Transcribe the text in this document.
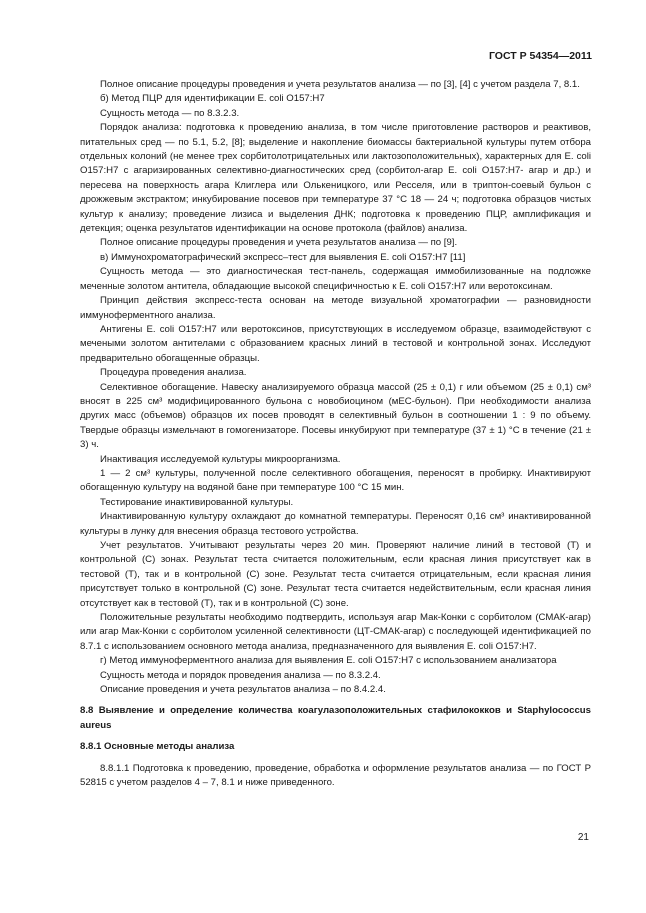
ГОСТ Р 54354—2011

Полное описание процедуры проведения и учета результатов анализа — по [3], [4] с учетом раздела 7, 8.1.

б) Метод ПЦР для идентификации E. coli O157:H7

Сущность метода — по 8.3.2.3.

Порядок анализа: подготовка к проведению анализа, в том числе приготовление растворов и реактивов, питательных сред — по 5.1, 5.2, [8]; выделение и накопление биомассы бактериальной культуры путем отбора отдельных колоний (не менее трех сорбитолотрицательных или лактозоположительных), характерных для E. coli O157:H7 с агаризированных селективно-диагностических сред (сорбитол-агар E. coli O157:H7- агар и др.) и пересева на поверхность агара Клиглера или Олькеницкого, или Ресселя, или в триптон-соевый бульон с дрожжевым экстрактом; инкубирование посевов при температуре 37 °С 18 — 24 ч; подготовка образцов чистых культур к анализу; проведение лизиса и выделения ДНК; подготовка к проведению ПЦР, амплификация и детекция; оценка результатов идентификации на основе протокола (файлов) анализа.

Полное описание процедуры проведения и учета результатов анализа — по [9].

в) Иммунохроматографический экспресс–тест для выявления E. coli O157:H7 [11]

Сущность метода — это диагностическая тест-панель, содержащая иммобилизованные на подложке меченные золотом антитела, обладающие высокой специфичностью к E. coli O157:H7 или веротоксинам.

Принцип действия экспресс-теста основан на методе визуальной хроматографии — разновидности иммуноферментного анализа.

Антигены E. coli O157:H7 или веротоксинов, присутствующих в исследуемом образце, взаимодействуют с мечеными золотом антителами с образованием красных линий в тестовой и контрольной зонах. Исследуют предварительно обогащенные образцы.

Процедура проведения анализа.

Селективное обогащение. Навеску анализируемого образца массой (25 ± 0,1) г или объемом (25 ± 0,1) см³ вносят в 225 см³ модифицированного бульона с новобиоцином (мЕС-бульон). При необходимости анализа других масс (объемов) образцов их посев проводят в селективный бульон в соотношении 1 : 9 по объему. Твердые образцы измельчают в гомогенизаторе. Посевы инкубируют при температуре (37 ± 1) °С в течение (21 ± 3) ч.

Инактивация исследуемой культуры микроорганизма.

1 — 2 см³ культуры, полученной после селективного обогащения, переносят в пробирку. Инактивируют обогащенную культуру на водяной бане при температуре 100 °С 15 мин.

Тестирование инактивированной культуры.

Инактивированную культуру охлаждают до комнатной температуры. Переносят 0,16 см³ инактивированной культуры в лунку для внесения образца тестового устройства.

Учет результатов. Учитывают результаты через 20 мин. Проверяют наличие линий в тестовой (Т) и контрольной (С) зонах. Результат теста считается положительным, если красная линия присутствует как в тестовой (Т), так и в контрольной (С) зоне. Результат теста считается отрицательным, если красная линия присутствует только в контрольной (С) зоне. Результат теста считается недействительным, если красная линия отсутствует как в тестовой (Т), так и в контрольной (С) зоне.

Положительные результаты необходимо подтвердить, используя агар Мак-Конки с сорбитолом (СМАК-агар) или агар Мак-Конки с сорбитолом усиленной селективности (ЦТ-СМАК-агар) с последующей идентификацией по 8.7.1 с использованием основного метода анализа, предназначенного для выявления E. coli O157:H7.

г) Метод иммуноферментного анализа для выявления E. coli O157:H7 с использованием анализатора

Сущность метода и порядок проведения анализа — по 8.3.2.4.

Описание проведения и учета результатов анализа – по 8.4.2.4.

8.8 Выявление и определение количества коагулазоположительных стафилококков и Staphylococcus aureus

8.8.1 Основные методы анализа

8.8.1.1 Подготовка к проведению, проведение, обработка и оформление результатов анализа — по ГОСТ Р 52815 с учетом разделов 4 – 7, 8.1 и ниже приведенного.

21
